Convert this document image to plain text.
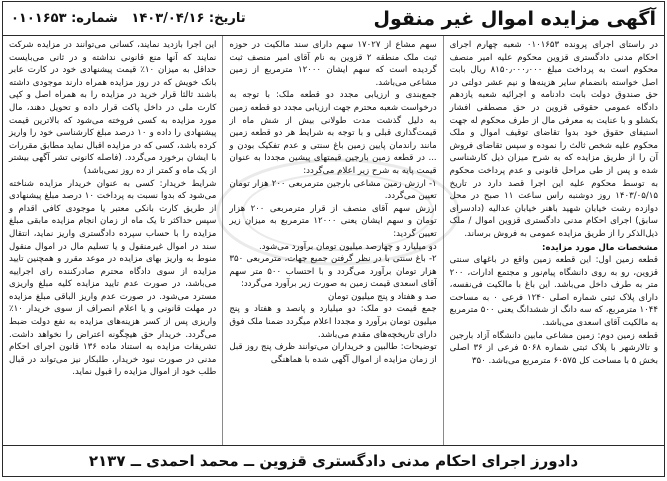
آگهی مزایده اموال غیر منقول
تاریخ: ۱۴۰۳/۰۴/۱۶   شماره: ۰۱۰۱۶۵۳

در راستای اجرای پرونده ۰۱۰۱۶۵۳ شعبه چهارم اجرای احکام مدنی دادگستری قزوین محکوم علیه امیر منصف محکوم است به پرداخت مبلغ ۸۱۵۰٫۰۰۰٫۰۰۰ ریال بابت اصل خواسته بانضمام سایر هزینه‌ها و نیم عشر دولتی در حق صندوق دولت بابت دادنامه و اجرائیه شعبه یازدهم دادگاه عمومی حقوقی قزوین در حق مصطفی افشار بکشلو و با عنایت به معرفی مال از طرف محکوم له جهت استیفای حقوق خود بدوا تقاضای توقیف اموال و ملک محکوم علیه شخص ثالث را نموده و سپس تقاضای فروش آن را از طریق مزایده که به شرح میزان ذیل کارشناسی شده و پس از طی مراحل قانونی و عدم پرداخت محکوم به توسط محکوم علیه این اجرا قصد دارد در تاریخ ۱۴۰۳/۰۵/۱۵ روز دوشنبه راس ساعت ۱۱ صبح در محل دوازده رشت خیابان شهید باهنر خیابان عدالیه (دادسرای سابق) اجرای احکام مدنی دادگستری قزوین اموال / ملک ذیل‌الذکر را از طریق مزایده عمومی به فروش برساند.

مشخصات مال مورد مزایده:

قطعه زمین اول: این قطعه زمین واقع در باغهای سنتی قزوین، رو به روی دانشگاه پیام‌نور و مجتمع ادارات، ۲۰۰ متر به طرف داخل می‌باشد. این باغ با مالکیت فی‌نفسه، دارای پلاک ثبتی شماره اصلی ۱۲۴۰ فرعی ۰ به مساحت ۱۰۴۴ مترمربع، که سه دانگ از ششدانگ یعنی ۵۰۰ مترمربع به مالکیت آقای اسعدی می‌باشد.

قطعه زمین دوم: زمین مشاعی مابین دانشگاه آزاد بارجین و تالارشهر با پلاک ثبتی شماره ۵۰۶۸ فرعی از ۳۶ اصلی بخش ۵ با مساحت کل ۶۰۵۷۵ مترمربع می‌باشد. ۳۵۰

سهم مشاع از ۱۷۰۲۷ سهم دارای سند مالکیت در حوزه ثبت ملک منطقه ۲ قزوین به نام آقای امیر منصف ثبت گردیده است که سهم ایشان ۱۲۰۰۰ مترمربع از زمین مشاعی می‌باشد.

جمع‌بندی و ارزیابی مجدد دو قطعه ملک: با توجه به درخواست شعبه محترم جهت ارزیابی مجدد دو قطعه زمین به دلیل گذشت مدت طولانی بیش از شش ماه از قیمت‌گذاری قبلی و با توجه به شرایط هر دو قطعه زمین مانند راندمان پایین زمین باغ سنتی و عدم تفکیک بودن و ... در قطعه زمین بارجین قیمتهای پیشین مجددا به عنوان قیمت پایه به شرح زیر اعلام می‌گردد:

۱- ارزش زمین مشاعی بارجین مترمربعی ۲۰۰ هزار تومان تعیین می‌گردد.

ارزش سهم آقای منصف از قرار مترمربعی ۲۰۰ هزار تومان و سهم ایشان یعنی ۱۲۰۰۰ مترمربع به میزان زیر تعیین گردید:

دو میلیارد و چهارصد میلیون تومان برآورد می‌شود.

۲- باغ سنتی با در نظر گرفتن جمیع جهات، مترمربعی ۳۵۰ هزار تومان برآورد می‌گردد و با احتساب ۵۰۰ متر سهم آقای اسعدی قیمت زمین به صورت زیر برآورد می‌گردد:

صد و هفتاد و پنج میلیون تومان

جمع قیمت دو ملک: دو میلیارد و پانصد و هفتاد و پنج میلیون تومان برآورد و مجددا اعلام میگردد ضمنا ملک فوق دارای تاریخچه‌های مقدم می‌باشد.

توضیحات: طالبین و خریداران می‌توانند ظرف پنج روز قبل از زمان مزایده از اموال آگهی شده با هماهنگی

این اجرا بازدید نمایند، کسانی می‌توانند در مزایده شرکت نمایند که آنها منع قانونی نداشته و در ثانی می‌بایست حداقل به میزان ۱۰٪ قیمت پیشنهادی خود در کارت عابر بانک خویش که در روز مزایده همراه دارند موجودی داشته باشند ثالثا قرار خرید در مزایده را به همراه اصل و کپی کارت ملی در داخل پاکت قرار داده و تحویل دهند، مال مورد مزایده به کسی فروخته می‌شود که بالاترین قیمت پیشنهادی را داده و ۱۰ درصد مبلغ کارشناسی خود را واریز کرده باشد، کسی که در مزایده اقبال نماید مطابق مقررات با ایشان برخورد می‌گردد. (فاصله کانونی تشر آگهی بیشتر از یک ماه و کمتر از ده روز نمی‌باشد)

شرایط خریدار: کسی به عنوان خریدار مزایده شناخته می‌شود که بدوا نسبت به پرداخت ۱۰ درصد مبلغ پیشنهادی از طریق کارت بانکی معتبر یا موجودی کافی اقدام و سپس حداکثر تا یک ماه از زمان انجام مزایده مابقی مبلغ مزایده را با حساب سپرده دادگستری واریز نماید، انتقال سند در اموال غیرمنقول و یا تسلیم مال در اموال منقول منوط به واریز بهای مزایده در موعد مقرر و همچنین تایید مزایده از سوی دادگاه محترم صادرکننده رای اجراییه می‌باشد، در صورت عدم تایید مزایده کلیه مبلغ واریزی مسترد می‌شود. در صورت عدم واریز الباقی مبلغ مزایده در مهلت قانونی و یا اعلام انصراف از سوی خریدار ۱۰٪ واریزی پس از کسر هزینه‌های مزایده به نفع دولت ضبط می‌گردد. خریدار حق هیچگونه اعتراض را نخواهد داشت. تشریفات مزایده به استناد ماده ۱۳۶ قانون اجرای احکام مدنی در صورت نبود خریدار، طلبکار نیز می‌تواند در قبال طلب خود از اموال مزایده را قبول نماید.

دادورز اجرای احکام مدنی دادگستری قزوین ــ محمد احمدی ــ ۲۱۳۷
